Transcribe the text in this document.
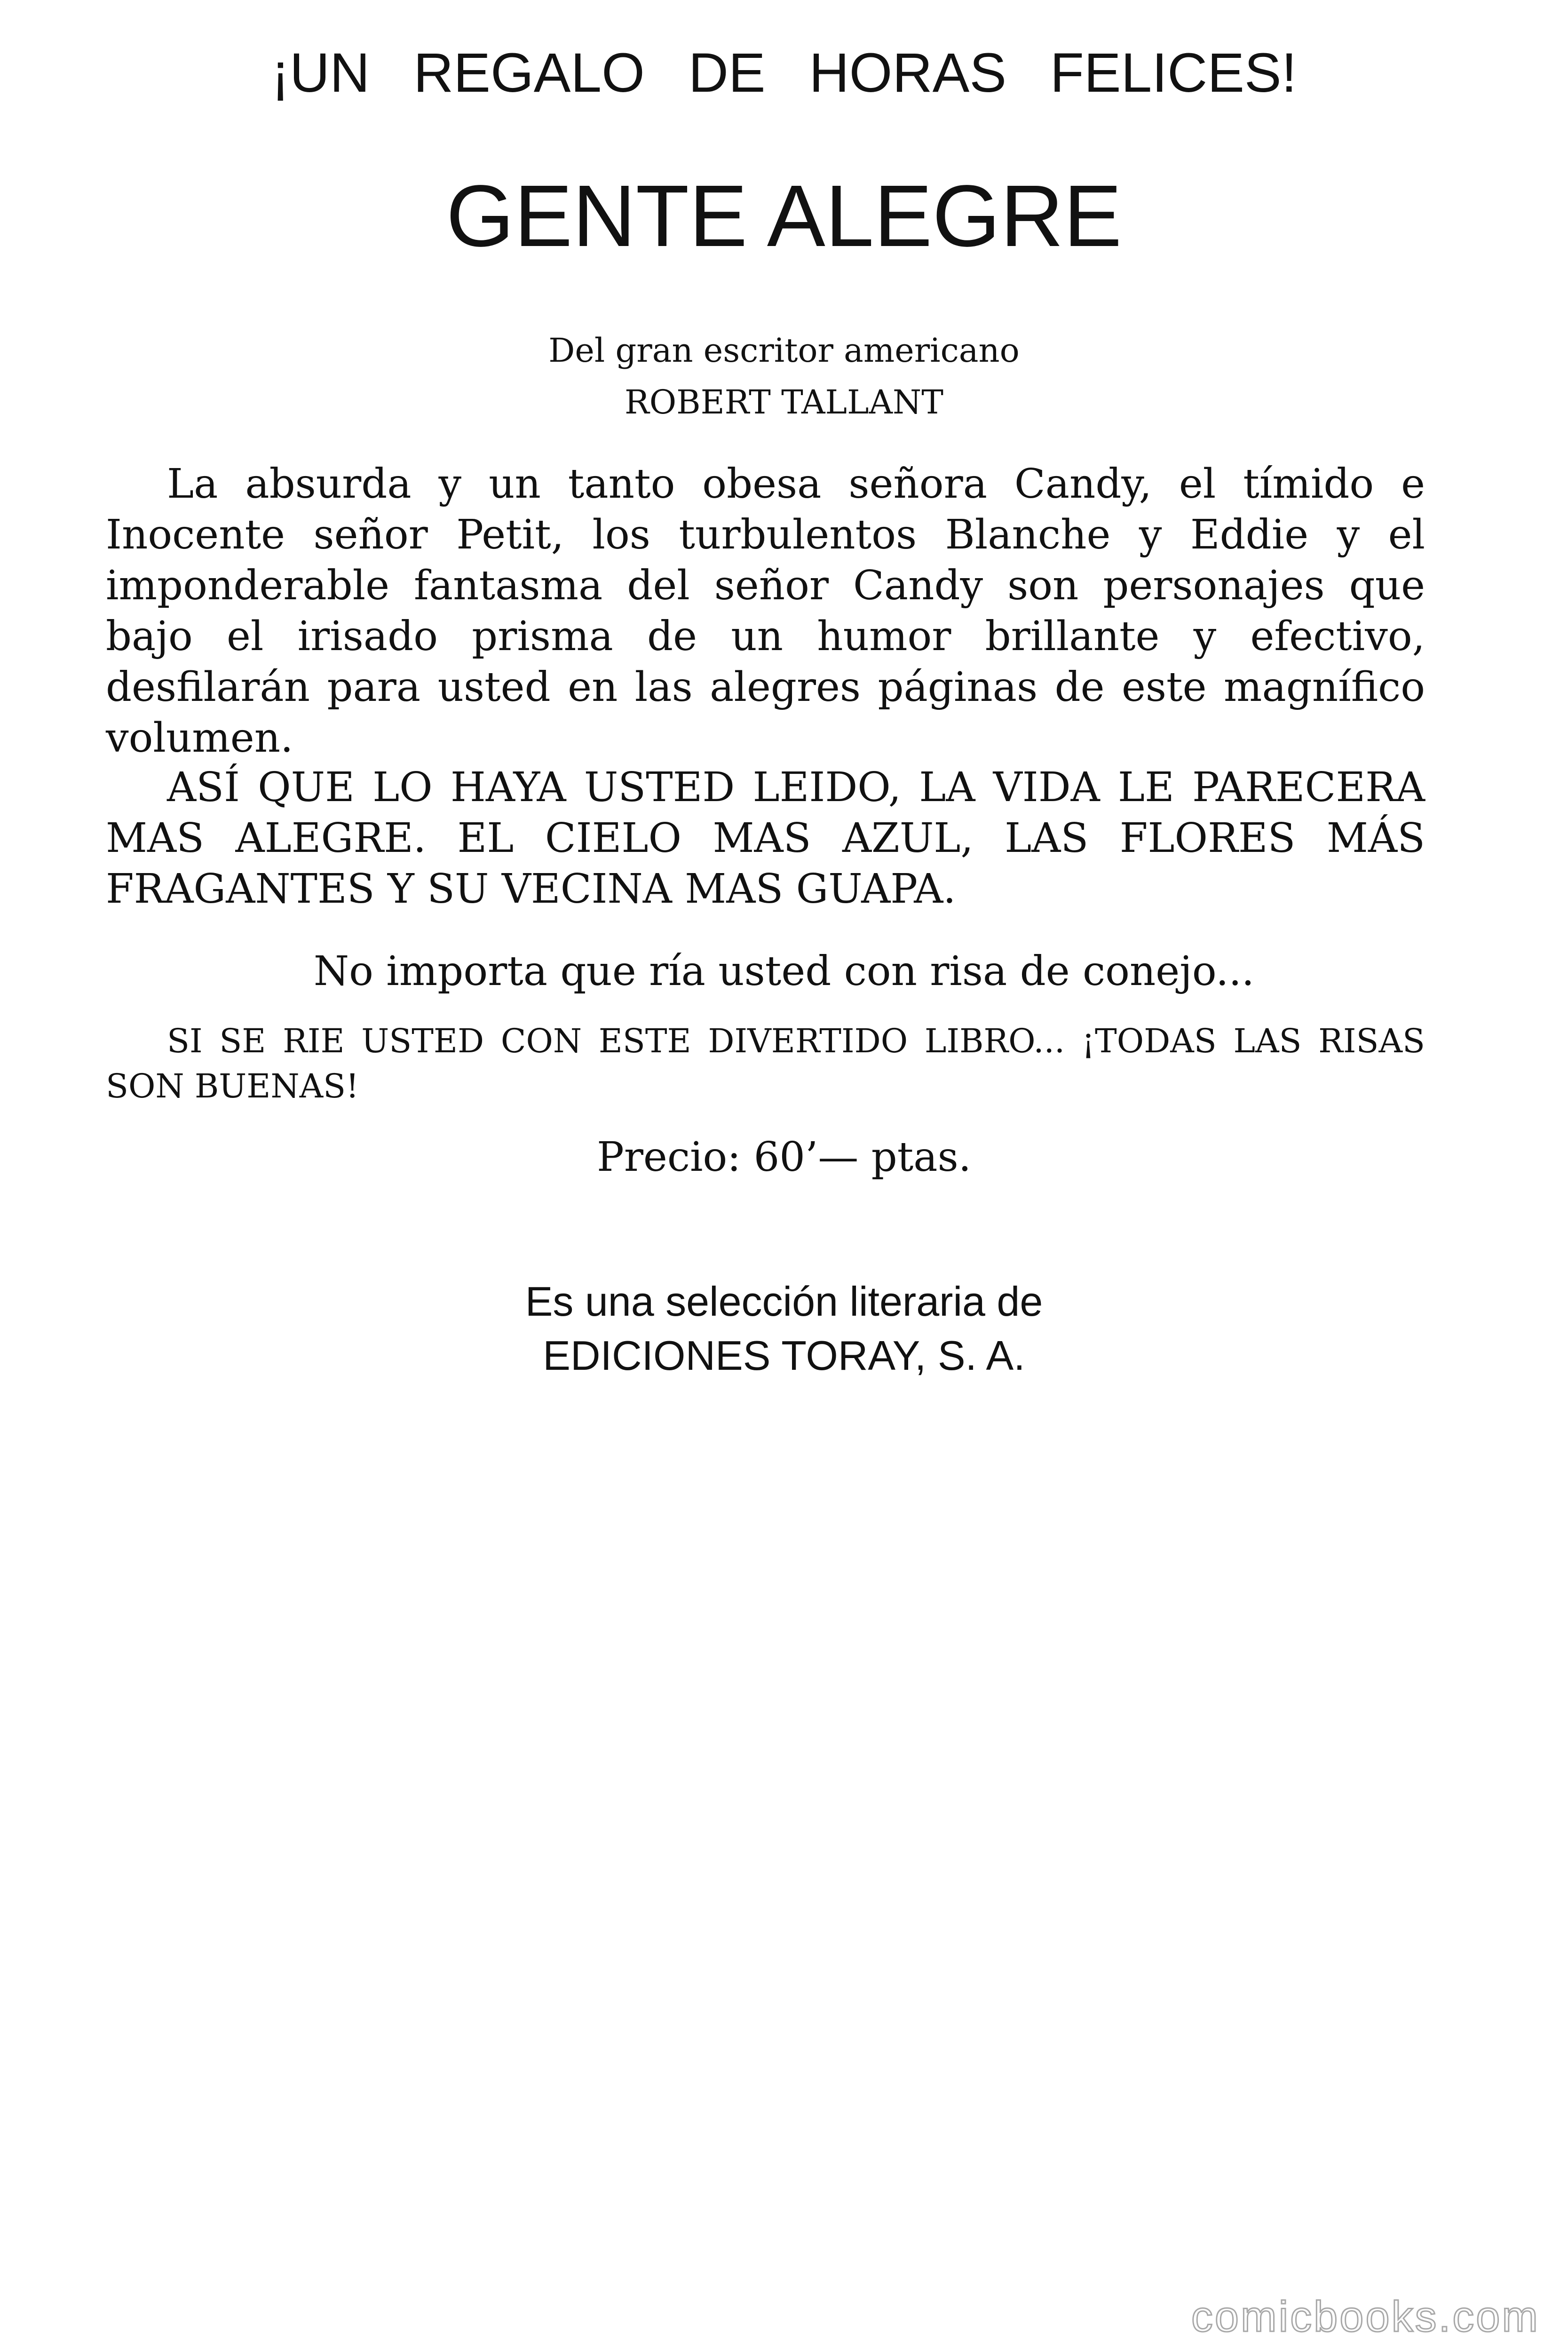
¡UN REGALO DE HORAS FELICES!
GENTE ALEGRE
Del gran escritor americano
ROBERT TALLANT

La absurda y un tanto obesa señora Candy, el tímido e Inocente señor Petit, los turbulentos Blanche y Eddie y el imponderable fantasma del señor Candy son personajes que bajo el irisado prisma de un humor brillante y efectivo, desfilarán para usted en las alegres páginas de este magnífico volumen.

ASÍ QUE LO HAYA USTED LEIDO, LA VIDA LE PARECERA MAS ALEGRE. EL CIELO MAS AZUL, LAS FLORES MÁS FRAGANTES Y SU VECINA MAS GUAPA.

No importa que ría usted con risa de conejo...

SI SE RIE USTED CON ESTE DIVERTIDO LIBRO... ¡TODAS LAS RISAS SON BUENAS!

Precio: 60’— ptas.
Es una selección literaria de
EDICIONES TORAY, S. A.
comicbooks.com
